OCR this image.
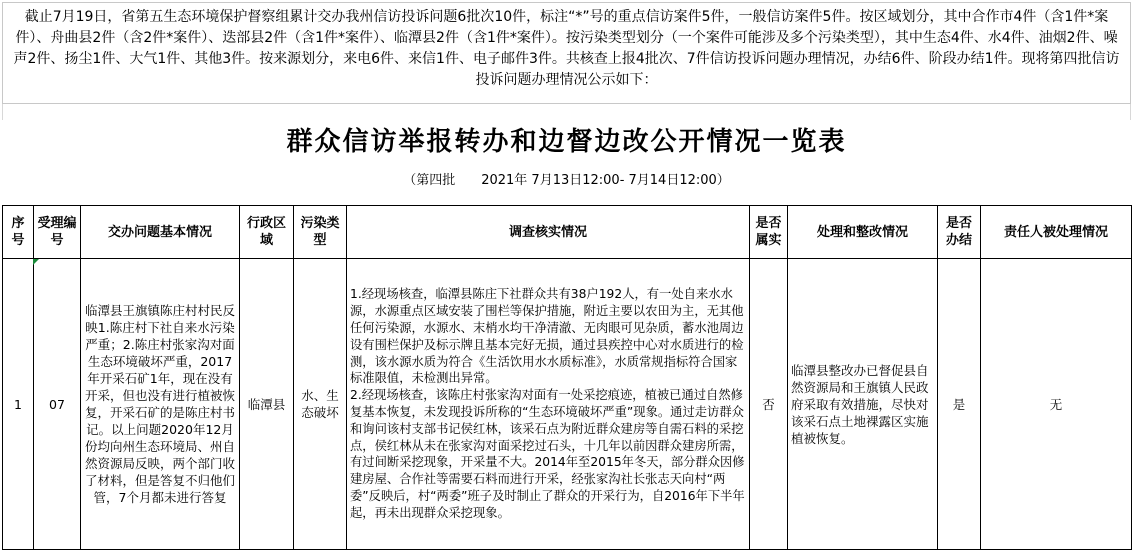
截止7月19日，省第五生态环境保护督察组累计交办我州信访投诉问题6批次10件，标注“*”号的重点信访案件5件，一般信访案件5件。按区域划分，其中合作市4件（含1件*案件）、舟曲县2件（含2件*案件）、迭部县2件（含1件*案件）、临潭县2件（含1件*案件）。按污染类型划分（一个案件可能涉及多个污染类型），其中生态4件、水4件、油烟2件、噪声2件、扬尘1件、大气1件、其他3件。按来源划分，来电6件、来信1件、电子邮件3件。共核查上报4批次、7件信访投诉问题办理情况，办结6件、阶段办结1件。现将第四批信访投诉问题办理情况公示如下：
群众信访举报转办和边督边改公开情况一览表
（第四批　　2021年 7月13日12:00- 7月14日12:00）
序号	受理编号	交办问题基本情况	行政区域	污染类型	调查核实情况	是否属实	处理和整改情况	是否办结	责任人被处理情况
1	07	临潭县王旗镇陈庄村村民反映1.陈庄村下社自来水污染严重；2.陈庄村张家沟对面生态环境破坏严重，2017年开采石矿1年，现在没有开采，但也没有进行植被恢复，开采石矿的是陈庄村书记。以上问题2020年12月份均向州生态环境局、州自然资源局反映，两个部门收了材料，但是答复不归他们管，7个月都未进行答复	临潭县	水、生态破坏	1.经现场核查，临潭县陈庄下社群众共有38户192人，有一处自来水水源，水源重点区域安装了围栏等保护措施，附近主要以农田为主，无其他任何污染源，水源水、末梢水均干净清澈、无肉眼可见杂质，蓄水池周边设有围栏保护及标示牌且基本完好无损，通过县疾控中心对水质进行的检测，该水源水质为符合《生活饮用水水质标准》，水质常规指标符合国家标准限值，未检测出异常。
2.经现场核查，该陈庄村张家沟对面有一处采挖痕迹，植被已通过自然修复基本恢复，未发现投诉所称的“生态环境破坏严重”现象。通过走访群众和询问该村支部书记侯红林，该采石点为附近群众建房等自需石料的采挖点，侯红林从未在张家沟对面采挖过石头，十几年以前因群众建房所需，有过间断采挖现象，开采量不大。2014年至2015年冬天，部分群众因修建房屋、合作社等需要石料而进行开采，经张家沟社长张志天向村“两委”反映后，村“两委”班子及时制止了群众的开采行为，自2016年下半年起，再未出现群众采挖现象。	否	临潭县整改办已督促县自然资源局和王旗镇人民政府采取有效措施，尽快对该采石点土地裸露区实施植被恢复。	是	无
